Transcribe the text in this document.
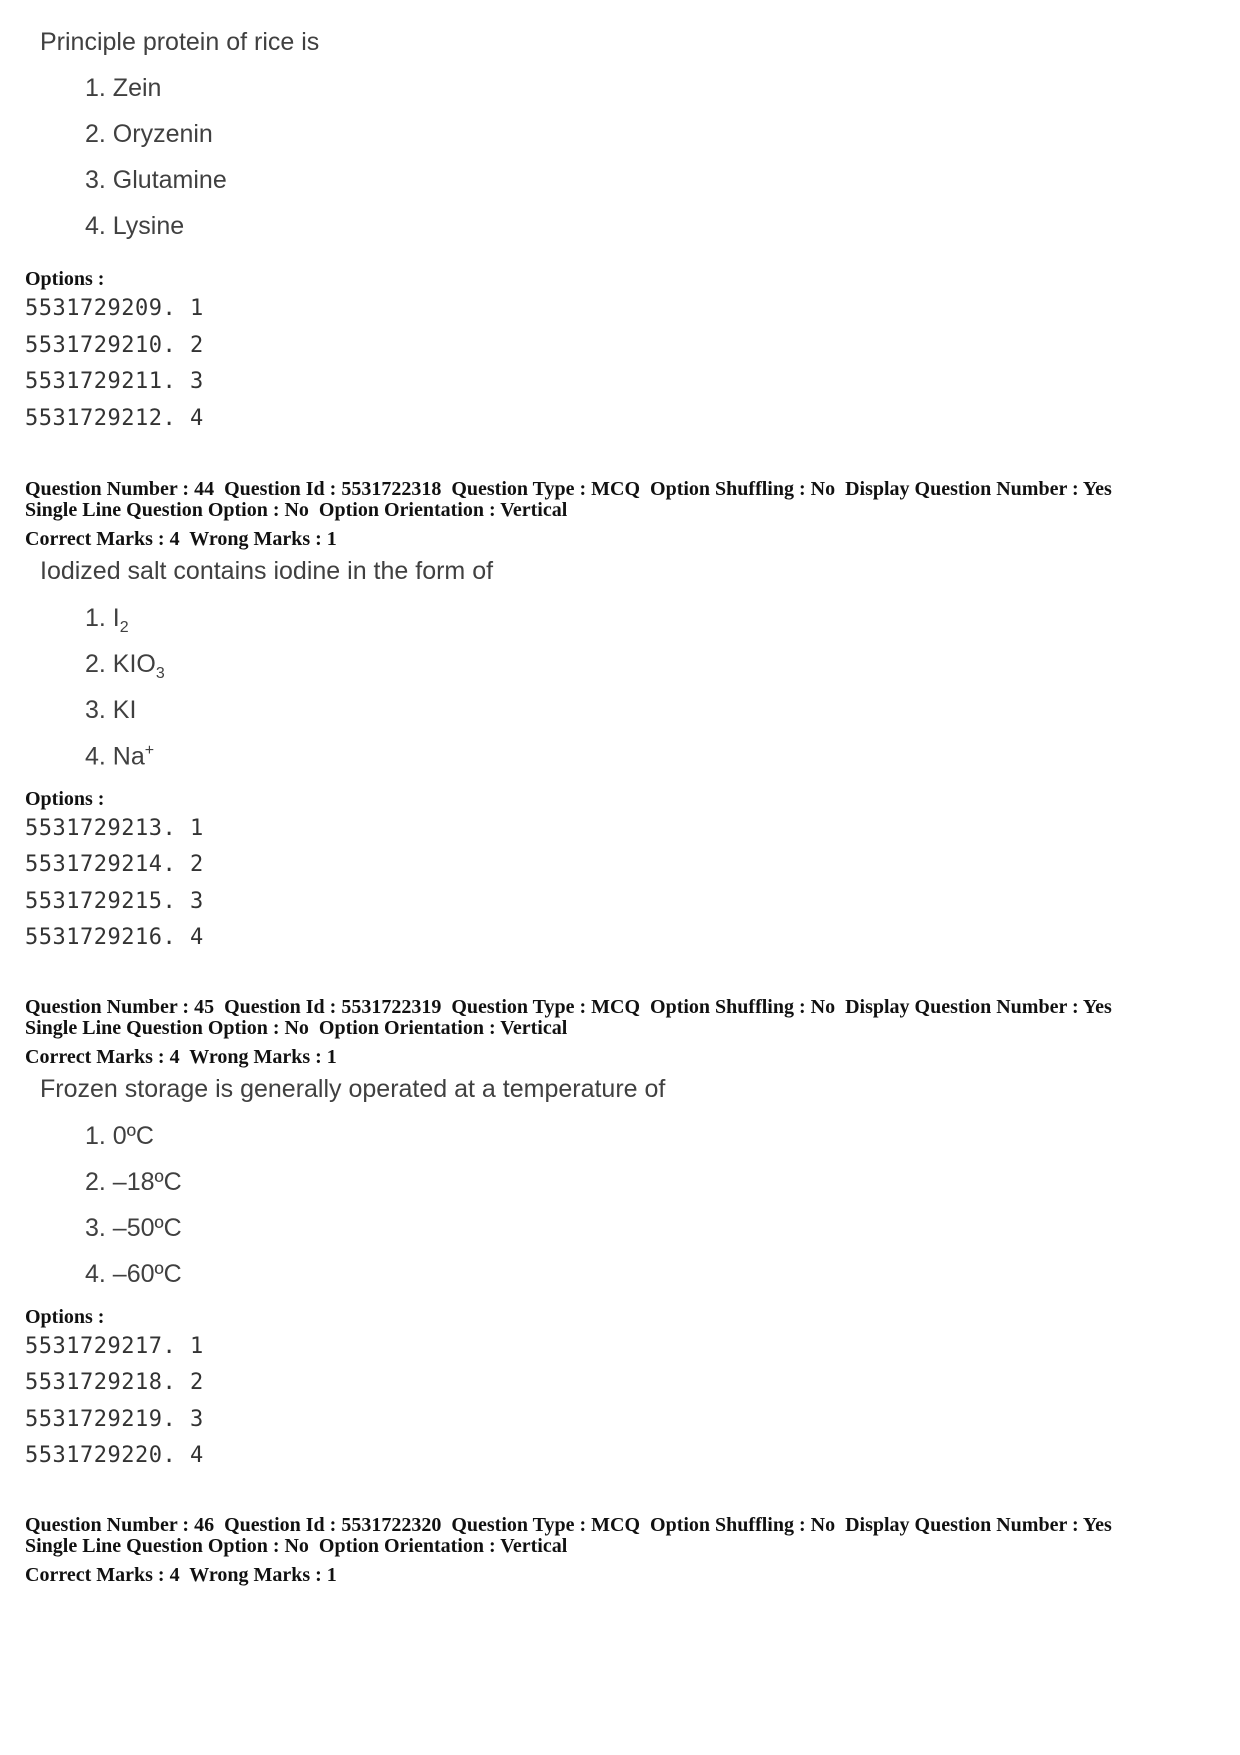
Principle protein of rice is
1. Zein
2. Oryzenin
3. Glutamine
4. Lysine
Options :
5531729209. 1
5531729210. 2
5531729211. 3
5531729212. 4
Question Number : 44  Question Id : 5531722318  Question Type : MCQ  Option Shuffling : No  Display Question Number : Yes
Single Line Question Option : No  Option Orientation : Vertical
Correct Marks : 4  Wrong Marks : 1
Iodized salt contains iodine in the form of
1. $I_2$
2. $KIO_3$
3. KI
4. Na+
Options :
5531729213. 1
5531729214. 2
5531729215. 3
5531729216. 4
Question Number : 45  Question Id : 5531722319  Question Type : MCQ  Option Shuffling : No  Display Question Number : Yes
Single Line Question Option : No  Option Orientation : Vertical
Correct Marks : 4  Wrong Marks : 1
Frozen storage is generally operated at a temperature of
1. 0ºC
2. –18ºC
3. –50ºC
4. –60ºC
Options :
5531729217. 1
5531729218. 2
5531729219. 3
5531729220. 4
Question Number : 46  Question Id : 5531722320  Question Type : MCQ  Option Shuffling : No  Display Question Number : Yes
Single Line Question Option : No  Option Orientation : Vertical
Correct Marks : 4  Wrong Marks : 1
